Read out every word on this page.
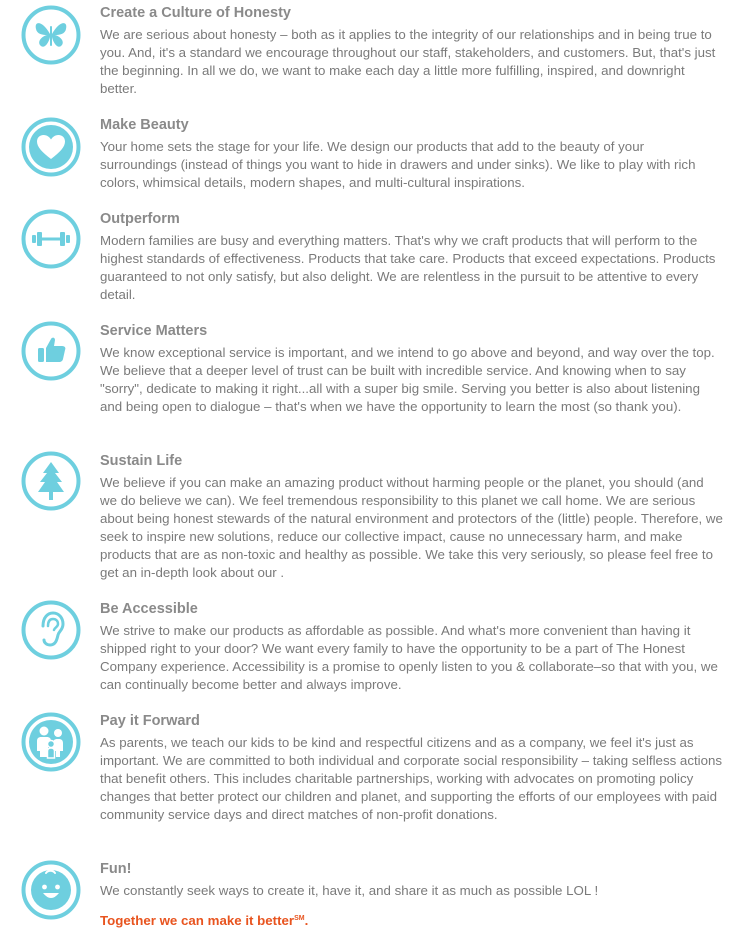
Create a Culture of Honesty

We are serious about honesty – both as it applies to the integrity of our relationships and in being true to you. And, it's a standard we encourage throughout our staff, stakeholders, and customers. But, that's just the beginning. In all we do, we want to make each day a little more fulfilling, inspired, and downright better.

Make Beauty

Your home sets the stage for your life. We design our products that add to the beauty of your surroundings (instead of things you want to hide in drawers and under sinks). We like to play with rich colors, whimsical details, modern shapes, and multi-cultural inspirations.

Outperform

Modern families are busy and everything matters. That's why we craft products that will perform to the highest standards of effectiveness. Products that take care. Products that exceed expectations. Products guaranteed to not only satisfy, but also delight. We are relentless in the pursuit to be attentive to every detail.

Service Matters

We know exceptional service is important, and we intend to go above and beyond, and way over the top. We believe that a deeper level of trust can be built with incredible service. And knowing when to say "sorry", dedicate to making it right...all with a super big smile. Serving you better is also about listening and being open to dialogue – that's when we have the opportunity to learn the most (so thank you).

Sustain Life

We believe if you can make an amazing product without harming people or the planet, you should (and we do believe we can). We feel tremendous responsibility to this planet we call home. We are serious about being honest stewards of the natural environment and protectors of the (little) people. Therefore, we seek to inspire new solutions, reduce our collective impact, cause no unnecessary harm, and make products that are as non-toxic and healthy as possible. We take this very seriously, so please feel free to get an in-depth look about our .

Be Accessible

We strive to make our products as affordable as possible. And what's more convenient than having it shipped right to your door? We want every family to have the opportunity to be a part of The Honest Company experience. Accessibility is a promise to openly listen to you & collaborate–so that with you, we can continually become better and always improve.

Pay it Forward

As parents, we teach our kids to be kind and respectful citizens and as a company, we feel it's just as important. We are committed to both individual and corporate social responsibility – taking selfless actions that benefit others. This includes charitable partnerships, working with advocates on promoting policy changes that better protect our children and planet, and supporting the efforts of our employees with paid community service days and direct matches of non-profit donations.

Fun!

We constantly seek ways to create it, have it, and share it as much as possible LOL !

Together we can make it better℠.
